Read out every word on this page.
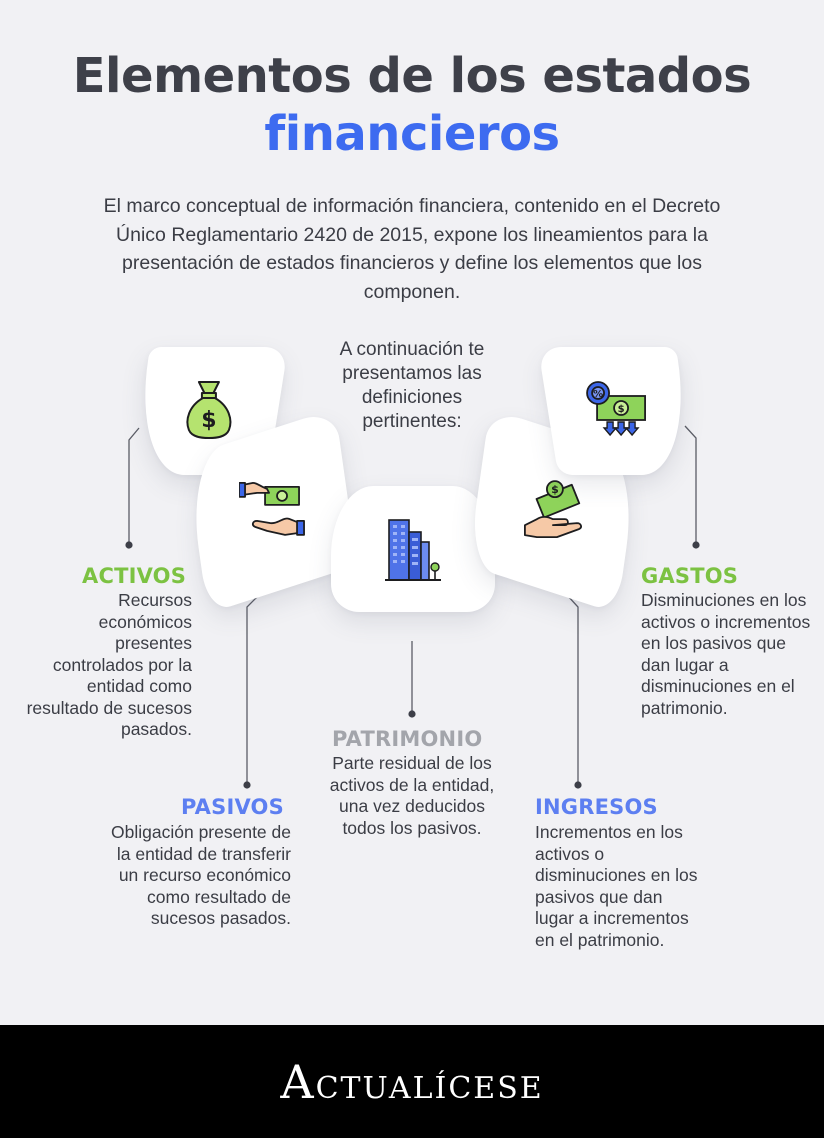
Elementos de los estados
financieros

El marco conceptual de información financiera, contenido en el Decreto Único Reglamentario 2420 de 2015, expone los lineamientos para la presentación de estados financieros y define los elementos que los componen.

A continuación te presentamos las definiciones pertinentes:

$
$
$
%
ACTIVOS

Recursos económicos presentes controlados por la entidad como resultado de sucesos pasados.

GASTOS

Disminuciones en los activos o incrementos en los pasivos que dan lugar a disminuciones en el patrimonio.

PATRIMONIO

Parte residual de los activos de la entidad, una vez deducidos todos los pasivos.

PASIVOS

Obligación presente de la entidad de transferir un recurso económico como resultado de sucesos pasados.

INGRESOS

Incrementos en los activos o disminuciones en los pasivos que dan lugar a incrementos en el patrimonio.

ACTUALÍCESE
